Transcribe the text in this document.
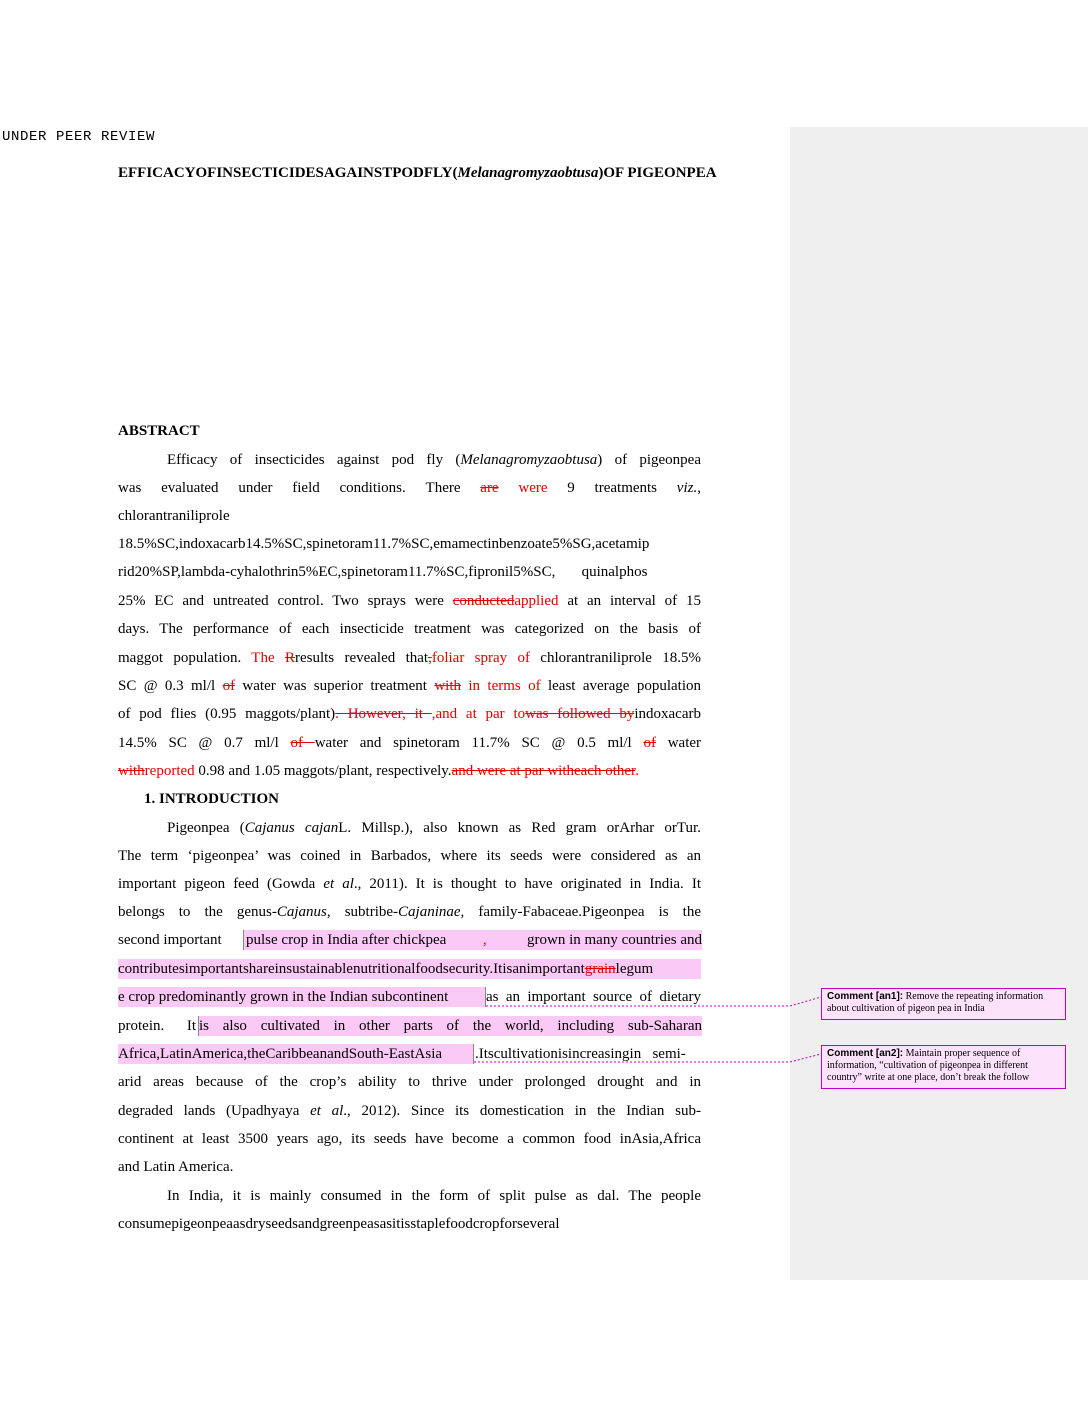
UNDER PEER REVIEW
EFFICACYOFINSECTICIDESAGAINSTPODFLY(Melanagromyzaobtusa)OF PIGEONPEA
ABSTRACT
Efficacy of insecticides against pod fly (Melanagromyzaobtusa) of pigeonpea
was evaluated under field conditions. There are were 9 treatments viz.,
chlorantraniliprole
18.5%SC,indoxacarb14.5%SC,spinetoram11.7%SC,emamectinbenzoate5%SG,acetamip
rid20%SP,lambda-cyhalothrin5%EC,spinetoram11.7%SC,fipronil5%SC,       quinalphos
25% EC and untreated control. Two sprays were conductedapplied at an interval of 15
days. The performance of each insecticide treatment was categorized on the basis of
maggot population. The Rresults revealed that,foliar spray of chlorantraniliprole 18.5%
SC @ 0.3 ml/l of water was superior treatment with in terms of least average population
of pod flies (0.95 maggots/plant). However, it ,and at par towas followed byindoxacarb
14.5% SC @ 0.7 ml/l of water and spinetoram 11.7% SC @ 0.5 ml/l of water
withreported 0.98 and 1.05 maggots/plant, respectively.and were at par witheach other.
1. INTRODUCTION
Pigeonpea (Cajanus cajanL. Millsp.), also known as Red gram orArhar orTur.
The term ‘pigeonpea’ was coined in Barbados, where its seeds were considered as an
important pigeon feed (Gowda et al., 2011). It is thought to have originated in India. It
belongs to the genus-Cajanus, subtribe-Cajaninae, family-Fabaceae.Pigeonpea is the
second important pulse crop in India after chickpea , grown in many countries and
contributesimportantshareinsustainablenutritionalfoodsecurity.Itisanimportantgrainlegum
e crop predominantly grown in the Indian subcontinent	as an important source of dietary
protein. It is also cultivated in other parts of the world, including sub-Saharan
Africa,LatinAmerica,theCaribbeanandSouth-EastAsia	.Itscultivationisincreasingin   semi-
arid areas because of the crop’s ability to thrive under prolonged drought and in
degraded lands (Upadhyaya et al., 2012). Since its domestication in the Indian sub-
continent at least 3500 years ago, its seeds have become a common food inAsia,Africa
and Latin America.
In India, it is mainly consumed in the form of split pulse as dal. The people
consumepigeonpeaasdryseedsandgreenpeasasitisstaplefoodcropforseveral
Comment [an1]: Remove the repeating information about cultivation of pigeon pea in India
Comment [an2]: Maintain proper sequence of information, “cultivation of pigeonpea in different country” write at one place, don’t break the follow
